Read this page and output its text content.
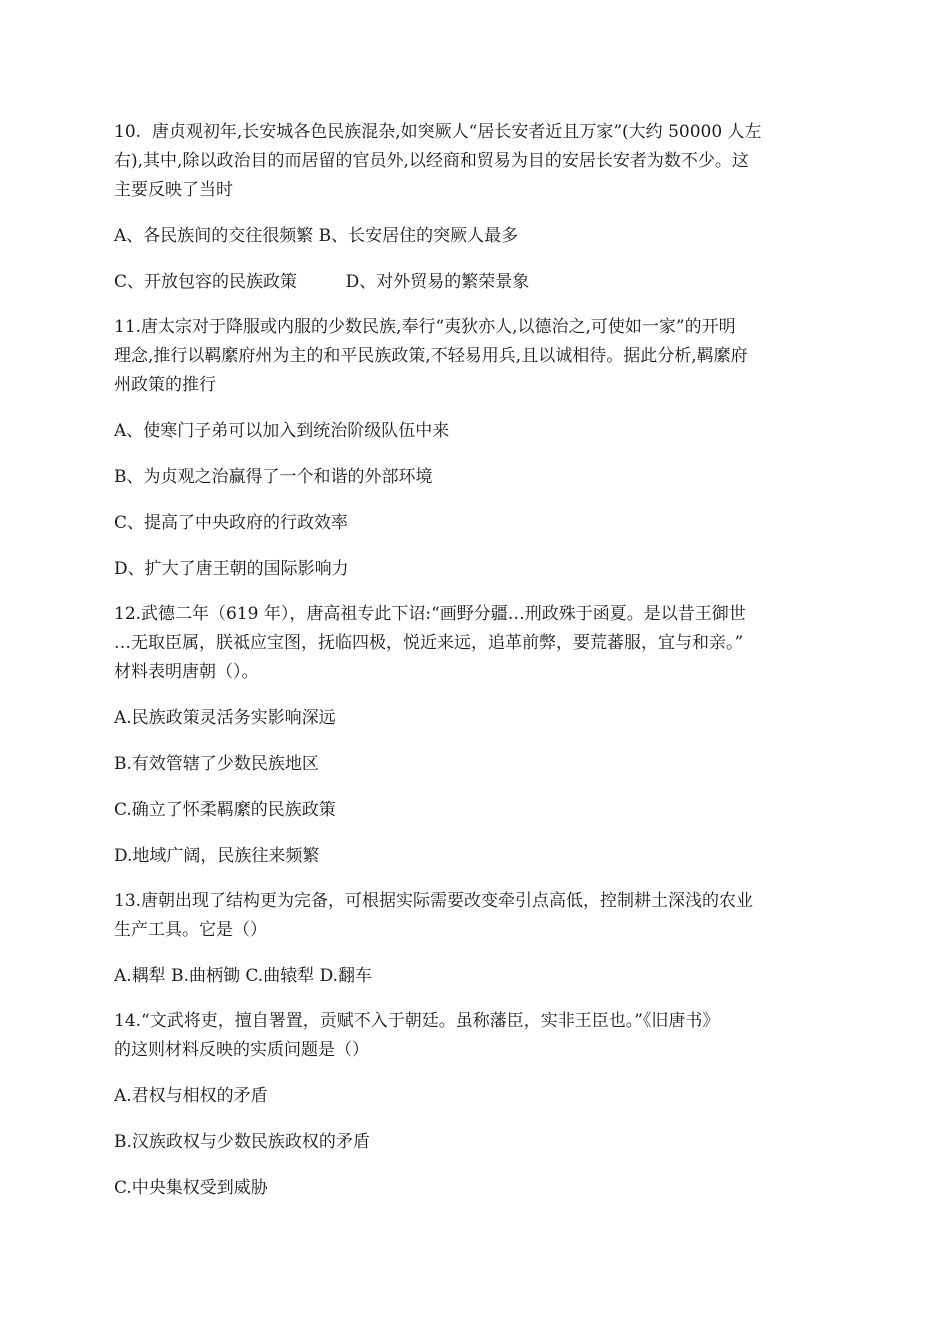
10.  唐贞观初年,长安城各色民族混杂,如突厥人“居长安者近且万家”(大约 50000 人左

右),其中,除以政治目的而居留的官员外,以经商和贸易为目的安居长安者为数不少。这

主要反映了当时

A、各民族间的交往很频繁 B、长安居住的突厥人最多

C、开放包容的民族政策         D、对外贸易的繁荣景象

11.唐太宗对于降服或内服的少数民族,奉行“夷狄亦人,以德治之,可使如一家”的开明

理念,推行以羁縻府州为主的和平民族政策,不轻易用兵,且以诚相待。据此分析,羁縻府

州政策的推行

A、使寒门子弟可以加入到统治阶级队伍中来

B、为贞观之治赢得了一个和谐的外部环境

C、提高了中央政府的行政效率

D、扩大了唐王朝的国际影响力

12.武德二年（619 年），唐高祖专此下诏:“画野分疆…刑政殊于函夏。是以昔王御世

…无取臣属，朕祗应宝图，抚临四极，悦近来远，追革前弊，要荒蕃服，宜与和亲。”

材料表明唐朝（）。

A.民族政策灵活务实影响深远

B.有效管辖了少数民族地区

C.确立了怀柔羁縻的民族政策

D.地域广阔，民族往来频繁

13.唐朝出现了结构更为完备，可根据实际需要改变牵引点高低，控制耕土深浅的农业

生产工具。它是（）

A.耦犁 B.曲柄锄 C.曲辕犁 D.翻车

14.“文武将吏，擅自署置，贡赋不入于朝廷。虽称藩臣，实非王臣也。”《旧唐书》

的这则材料反映的实质问题是（）

A.君权与相权的矛盾

B.汉族政权与少数民族政权的矛盾

C.中央集权受到威胁
